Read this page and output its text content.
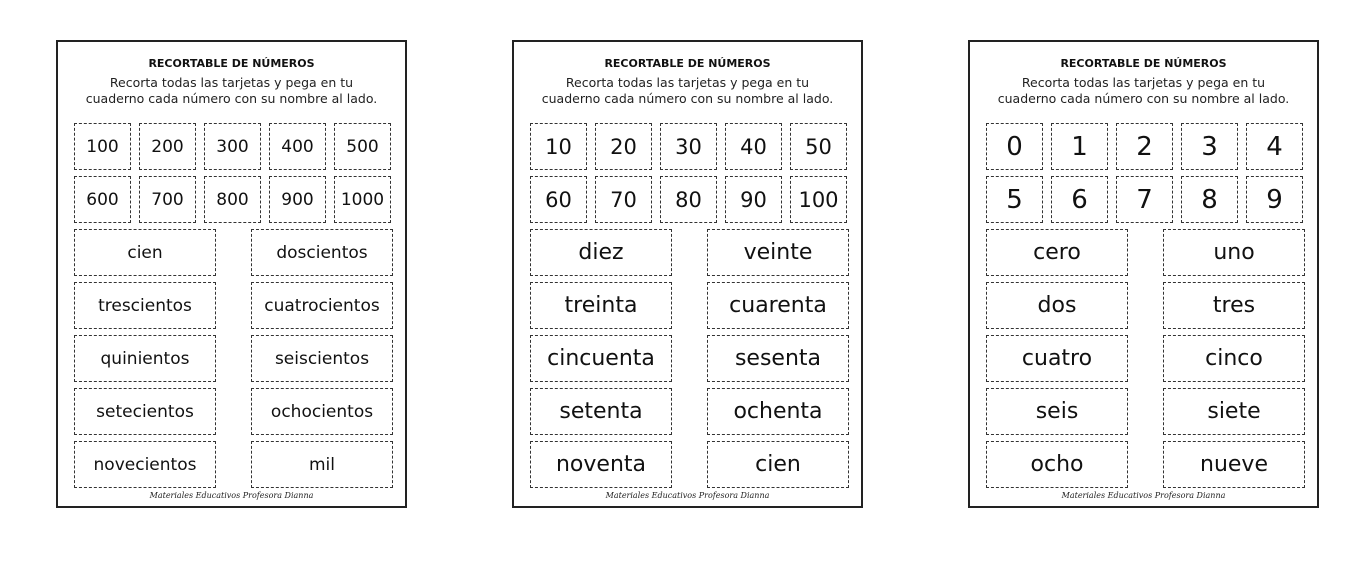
RECORTABLE DE NÚMEROS
Recorta todas las tarjetas y pega en tu
cuaderno cada número con su nombre al lado.
100	200	300	400	500
600	700	800	900	1000
cien	doscientos
trescientos	cuatrocientos
quinientos	seiscientos
setecientos	ochocientos
novecientos	mil
Materiales Educativos Profesora Dianna
RECORTABLE DE NÚMEROS
Recorta todas las tarjetas y pega en tu
cuaderno cada número con su nombre al lado.
10	20	30	40	50
60	70	80	90	100
diez	veinte
treinta	cuarenta
cincuenta	sesenta
setenta	ochenta
noventa	cien
Materiales Educativos Profesora Dianna
RECORTABLE DE NÚMEROS
Recorta todas las tarjetas y pega en tu
cuaderno cada número con su nombre al lado.
0	1	2	3	4
5	6	7	8	9
cero	uno
dos	tres
cuatro	cinco
seis	siete
ocho	nueve
Materiales Educativos Profesora Dianna
